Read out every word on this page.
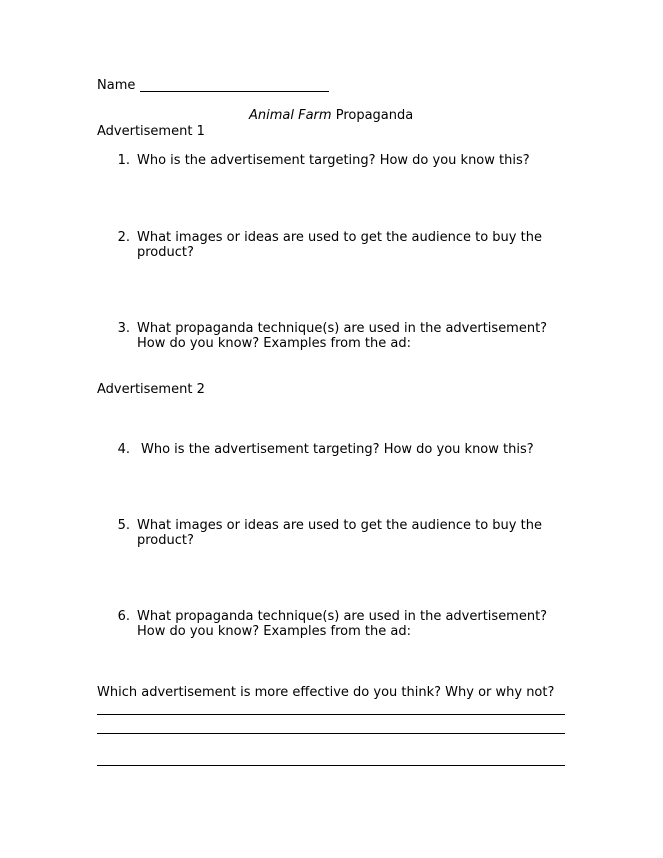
Name
Animal Farm Propaganda
Advertisement 1
1. Who is the advertisement targeting? How do you know this?
2. What images or ideas are used to get the audience to buy the
product?
3. What propaganda technique(s) are used in the advertisement?
How do you know? Examples from the ad:
Advertisement 2
4. Who is the advertisement targeting? How do you know this?
5. What images or ideas are used to get the audience to buy the
product?
6. What propaganda technique(s) are used in the advertisement?
How do you know? Examples from the ad:
Which advertisement is more effective do you think? Why or why not?
